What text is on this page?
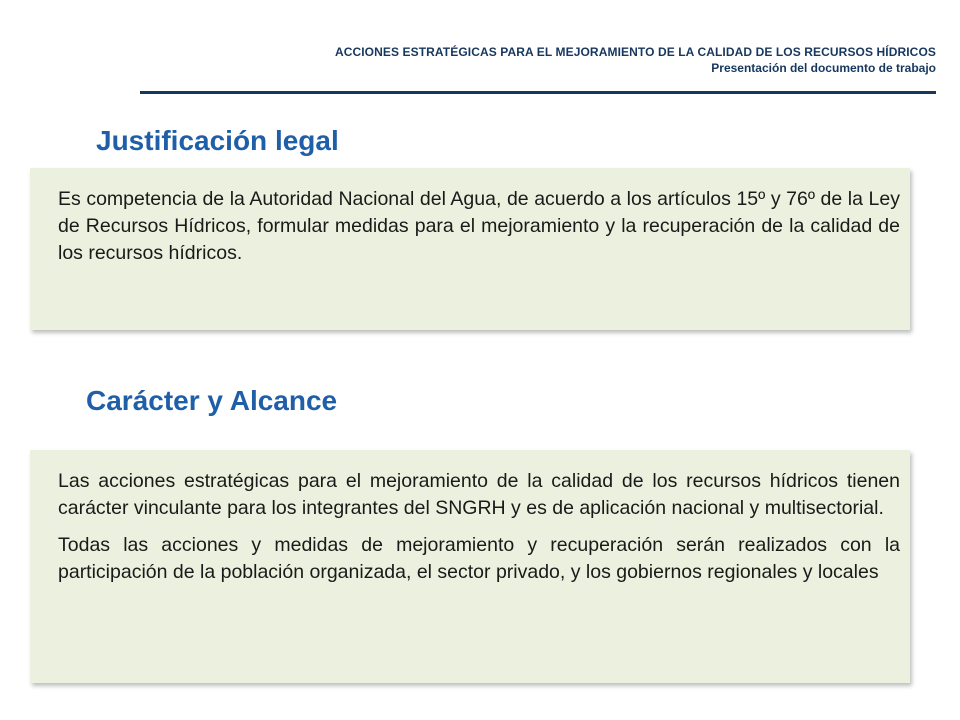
ACCIONES ESTRATÉGICAS PARA EL MEJORAMIENTO DE LA CALIDAD DE LOS RECURSOS HÍDRICOS
Presentación del documento de trabajo
Justificación legal

Es competencia de la Autoridad Nacional del Agua, de acuerdo a los artículos 15º y 76º de la Ley de Recursos Hídricos, formular medidas para el mejoramiento y la recuperación de la calidad de los recursos hídricos.

Carácter y Alcance

Las acciones estratégicas para el mejoramiento de la calidad de los recursos hídricos tienen carácter vinculante para los integrantes del SNGRH y es de aplicación nacional y multisectorial.

Todas las acciones y medidas de mejoramiento y recuperación serán realizados con la participación de la población organizada, el sector privado, y los gobiernos regionales y locales
